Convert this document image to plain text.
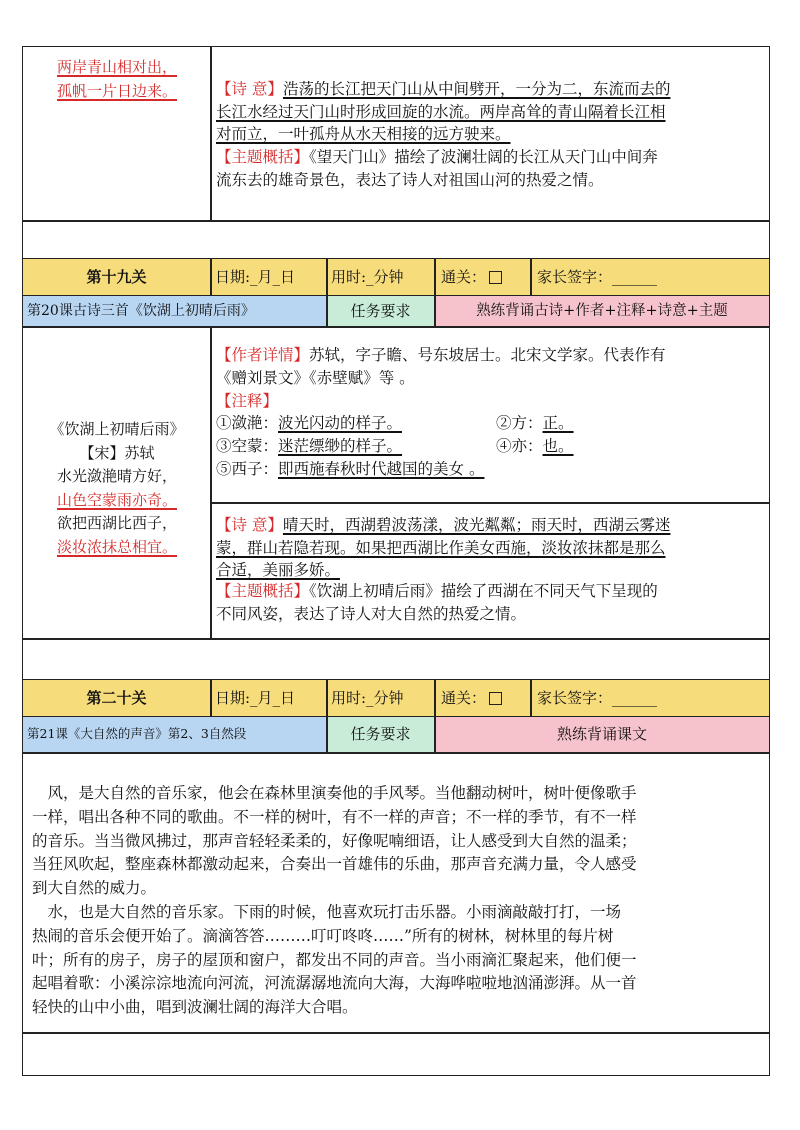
两岸青山相对出，
孤帆一片日边来。	【诗 意】浩荡的长江把天门山从中间劈开，一分为二，东流而去的
长江水经过天门山时形成回旋的水流。两岸高耸的青山隔着长江相
对而立，一叶孤舟从水天相接的远方驶来。
【主题概括】《望天门山》描绘了波澜壮阔的长江从天门山中间奔
流东去的雄奇景色，表达了诗人对祖国山河的热爱之情。
第十九关	日期:_月_日	用时:_分钟	通关：	家长签字：______
第20课古诗三首《饮湖上初晴后雨》	任务要求	熟练背诵古诗+作者+注释+诗意+主题
《饮湖上初晴后雨》
【宋】苏轼
水光潋滟晴方好，
山色空蒙雨亦奇。
欲把西湖比西子，
淡妆浓抹总相宜。
【作者详情】苏轼，字子瞻、号东坡居士。北宋文学家。代表作有
《赠刘景文》《赤壁赋》等 。
【注释】
①潋滟：波光闪动的样子。	②方：正。
③空蒙：迷茫缥缈的样子。	④亦：也。
⑤西子：即西施春秋时代越国的美女 。
【诗 意】晴天时，西湖碧波荡漾，波光粼粼；雨天时，西湖云雾迷
蒙，群山若隐若现。如果把西湖比作美女西施，淡妆浓抹都是那么
合适，美丽多娇。
【主题概括】《饮湖上初晴后雨》描绘了西湖在不同天气下呈现的
不同风姿，表达了诗人对大自然的热爱之情。
第二十关	日期:_月_日	用时:_分钟	通关：	家长签字：______
第21课《大自然的声音》第2、3自然段	任务要求	熟练背诵课文

　风，是大自然的音乐家，他会在森林里演奏他的手风琴。当他翻动树叶，树叶便像歌手

一样，唱出各种不同的歌曲。不一样的树叶，有不一样的声音；不一样的季节，有不一样

的音乐。当当微风拂过，那声音轻轻柔柔的，好像呢喃细语，让人感受到大自然的温柔；

当狂风吹起，整座森林都激动起来，合奏出一首雄伟的乐曲，那声音充满力量，令人感受

到大自然的威力。

　水，也是大自然的音乐家。下雨的时候，他喜欢玩打击乐器。小雨滴敲敲打打，一场

热闹的音乐会便开始了。滴滴答答………叮叮咚咚……”所有的树林，树林里的每片树

叶；所有的房子，房子的屋顶和窗户，都发出不同的声音。当小雨滴汇聚起来，他们便一

起唱着歌：小溪淙淙地流向河流，河流潺潺地流向大海，大海哗啦啦地汹涌澎湃。从一首

轻快的山中小曲，唱到波澜壮阔的海洋大合唱。
